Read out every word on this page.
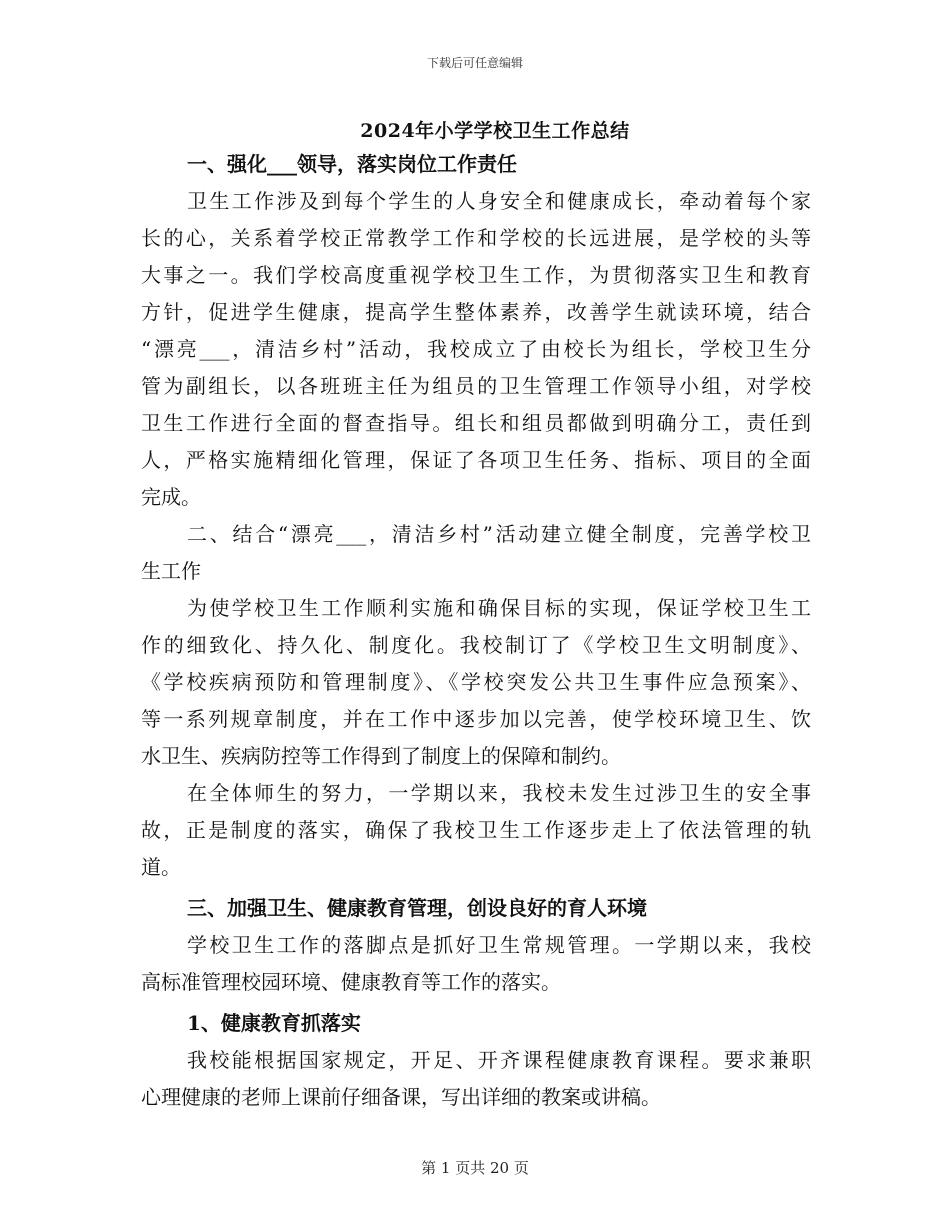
下载后可任意编辑
2024年小学学校卫生工作总结
一、强化___领导，落实岗位工作责任
卫生工作涉及到每个学生的人身安全和健康成长，牵动着每个家
长的心，关系着学校正常教学工作和学校的长远进展，是学校的头等
大事之一。我们学校高度重视学校卫生工作，为贯彻落实卫生和教育
方针，促进学生健康，提高学生整体素养，改善学生就读环境，结合
“漂亮___，清洁乡村”活动，我校成立了由校长为组长，学校卫生分
管为副组长，以各班班主任为组员的卫生管理工作领导小组，对学校
卫生工作进行全面的督查指导。组长和组员都做到明确分工，责任到
人，严格实施精细化管理，保证了各项卫生任务、指标、项目的全面
完成。
二、结合“漂亮___，清洁乡村”活动建立健全制度，完善学校卫
生工作
为使学校卫生工作顺利实施和确保目标的实现，保证学校卫生工
作的细致化、持久化、制度化。我校制订了《学校卫生文明制度》、
《学校疾病预防和管理制度》、《学校突发公共卫生事件应急预案》、
等一系列规章制度，并在工作中逐步加以完善，使学校环境卫生、饮
水卫生、疾病防控等工作得到了制度上的保障和制约。
在全体师生的努力，一学期以来，我校未发生过涉卫生的安全事
故，正是制度的落实，确保了我校卫生工作逐步走上了依法管理的轨
道。
三、加强卫生、健康教育管理，创设良好的育人环境
学校卫生工作的落脚点是抓好卫生常规管理。一学期以来，我校
高标准管理校园环境、健康教育等工作的落实。
1、健康教育抓落实
我校能根据国家规定，开足、开齐课程健康教育课程。要求兼职
心理健康的老师上课前仔细备课，写出详细的教案或讲稿。
第 1 页共 20 页
